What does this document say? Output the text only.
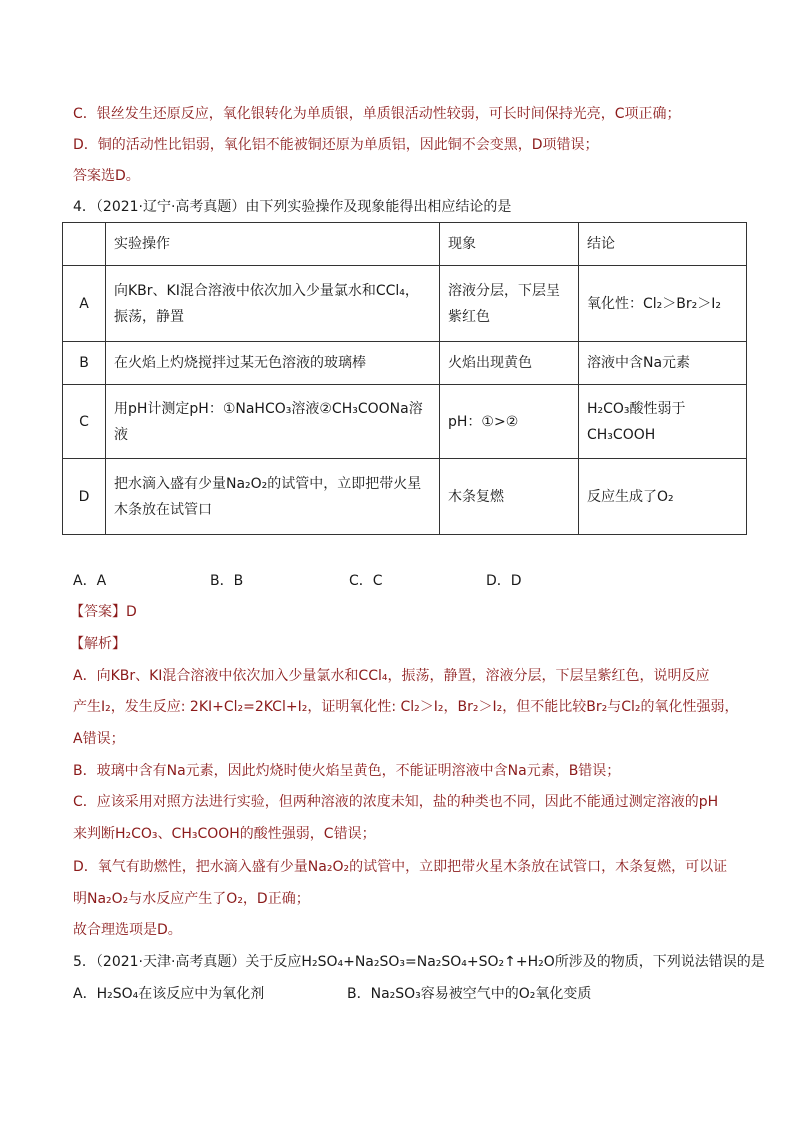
C．银丝发生还原反应，氧化银转化为单质银，单质银活动性较弱，可长时间保持光亮，C项正确；
D．铜的活动性比铝弱，氧化铝不能被铜还原为单质铝，因此铜不会变黑，D项错误；
答案选D。
4．（2021·辽宁·高考真题）由下列实验操作及现象能得出相应结论的是
	实验操作	现象	结论
A	向KBr、KI混合溶液中依次加入少量氯水和CCl₄，振荡，静置	溶液分层，下层呈紫红色	氧化性：Cl₂＞Br₂＞I₂
B	在火焰上灼烧搅拌过某无色溶液的玻璃棒	火焰出现黄色	溶液中含Na元素
C	用pH计测定pH：①NaHCO₃溶液②CH₃COONa溶液	pH：①>②	H₂CO₃酸性弱于CH₃COOH
D	把水滴入盛有少量Na₂O₂的试管中，立即把带火星木条放在试管口	木条复燃	反应生成了O₂
A．A	B．B	C．C	D．D
【答案】D
【解析】
A．向KBr、KI混合溶液中依次加入少量氯水和CCl₄，振荡，静置，溶液分层，下层呈紫红色，说明反应
产生I₂，发生反应: 2KI+Cl₂=2KCl+I₂，证明氧化性: Cl₂＞I₂，Br₂＞I₂，但不能比较Br₂与Cl₂的氧化性强弱，
A错误；
B．玻璃中含有Na元素，因此灼烧时使火焰呈黄色，不能证明溶液中含Na元素，B错误；
C．应该采用对照方法进行实验，但两种溶液的浓度未知，盐的种类也不同，因此不能通过测定溶液的pH
来判断H₂CO₃、CH₃COOH的酸性强弱，C错误；
D．氧气有助燃性，把水滴入盛有少量Na₂O₂的试管中，立即把带火星木条放在试管口，木条复燃，可以证
明Na₂O₂与水反应产生了O₂，D正确；
故合理选项是D。
5．（2021·天津·高考真题）关于反应H₂SO₄+Na₂SO₃=Na₂SO₄+SO₂↑+H₂O所涉及的物质，下列说法错误的是
A．H₂SO₄在该反应中为氧化剂	B．Na₂SO₃容易被空气中的O₂氧化变质
